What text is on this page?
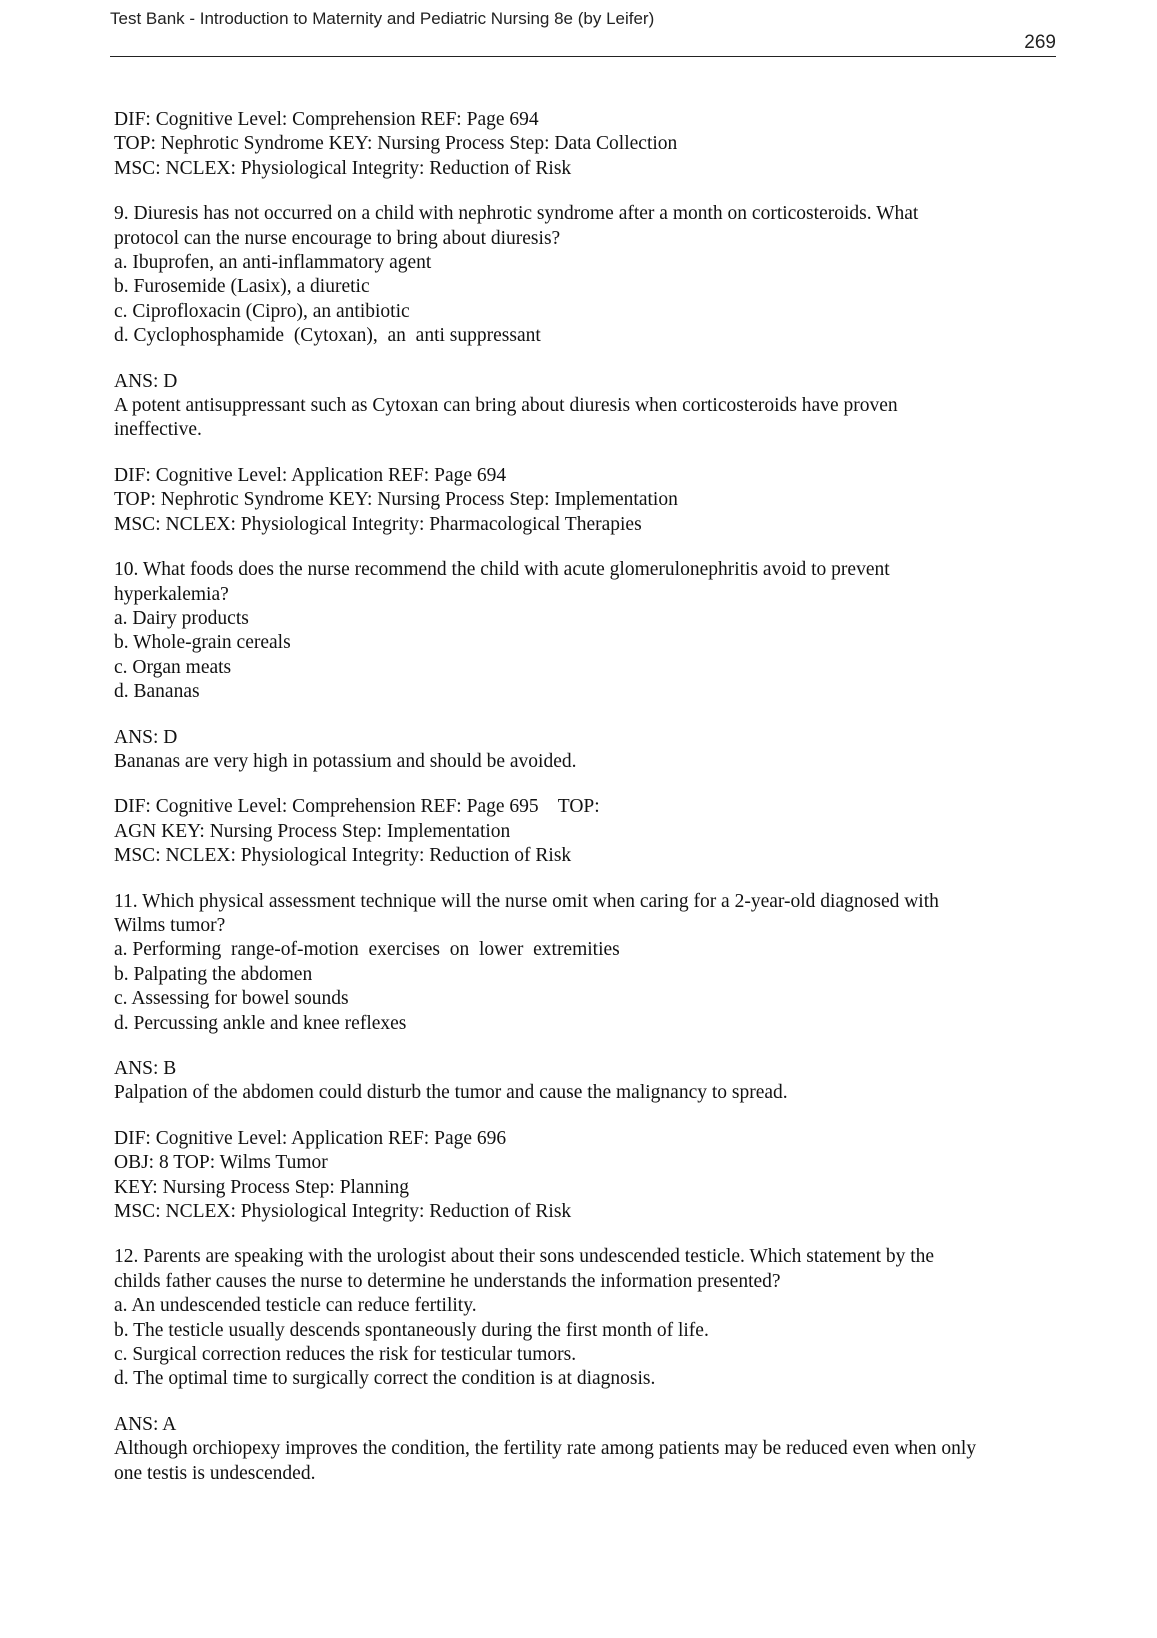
Test Bank - Introduction to Maternity and Pediatric Nursing 8e (by Leifer)
269

DIF: Cognitive Level: Comprehension REF: Page 694

TOP: Nephrotic Syndrome KEY: Nursing Process Step: Data Collection

MSC: NCLEX: Physiological Integrity: Reduction of Risk

9. Diuresis has not occurred on a child with nephrotic syndrome after a month on corticosteroids. What

protocol can the nurse encourage to bring about diuresis?

a. Ibuprofen, an anti-inflammatory agent

b. Furosemide (Lasix), a diuretic

c. Ciprofloxacin (Cipro), an antibiotic

d. Cyclophosphamide  (Cytoxan),  an  anti suppressant

ANS: D

A potent antisuppressant such as Cytoxan can bring about diuresis when corticosteroids have proven

ineffective.

DIF: Cognitive Level: Application REF: Page 694

TOP: Nephrotic Syndrome KEY: Nursing Process Step: Implementation

MSC: NCLEX: Physiological Integrity: Pharmacological Therapies

10. What foods does the nurse recommend the child with acute glomerulonephritis avoid to prevent

hyperkalemia?

a. Dairy products

b. Whole-grain cereals

c. Organ meats

d. Bananas

ANS: D

Bananas are very high in potassium and should be avoided.

DIF: Cognitive Level: Comprehension REF: Page 695    TOP:

AGN KEY: Nursing Process Step: Implementation

MSC: NCLEX: Physiological Integrity: Reduction of Risk

11. Which physical assessment technique will the nurse omit when caring for a 2-year-old diagnosed with

Wilms tumor?

a. Performing  range-of-motion  exercises  on  lower  extremities

b. Palpating the abdomen

c. Assessing for bowel sounds

d. Percussing ankle and knee reflexes

ANS: B

Palpation of the abdomen could disturb the tumor and cause the malignancy to spread.

DIF: Cognitive Level: Application REF: Page 696

OBJ: 8 TOP: Wilms Tumor

KEY: Nursing Process Step: Planning

MSC: NCLEX: Physiological Integrity: Reduction of Risk

12. Parents are speaking with the urologist about their sons undescended testicle. Which statement by the

childs father causes the nurse to determine he understands the information presented?

a. An undescended testicle can reduce fertility.

b. The testicle usually descends spontaneously during the first month of life.

c. Surgical correction reduces the risk for testicular tumors.

d. The optimal time to surgically correct the condition is at diagnosis.

ANS: A

Although orchiopexy improves the condition, the fertility rate among patients may be reduced even when only

one testis is undescended.
